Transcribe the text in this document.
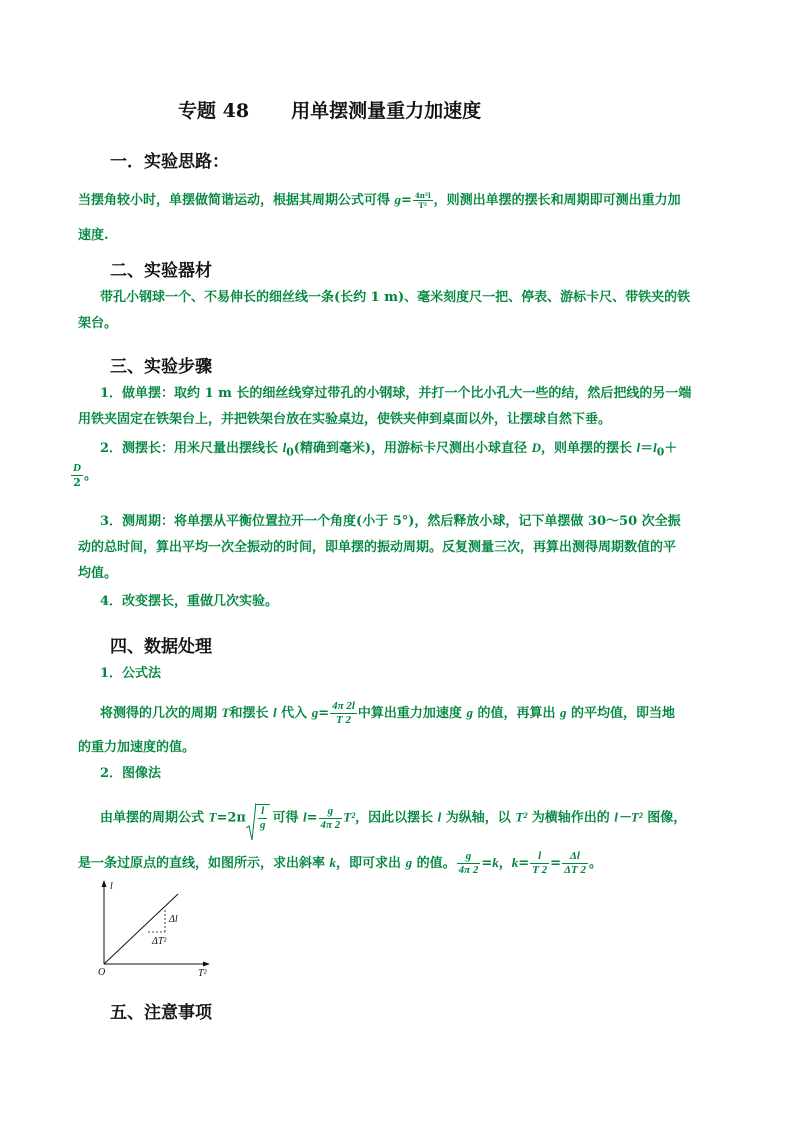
专题 48 用单摆测量重力加速度
一．实验思路：
当摆角较小时，单摆做简谐运动，根据其周期公式可得 $g= \frac{\text{4π²l}}{\text{T²}}$ ，则测出单摆的摆长和周期即可测出重力加
速度.
二、实验器材
带孔小钢球一个、不易伸长的细丝线一条(长约 1 m)、毫米刻度尺一把、停表、游标卡尺、带铁夹的铁
架台。
三、实验步骤
1．做单摆：取约 1 m 长的细丝线穿过带孔的小钢球，并打一个比小孔大一些的结，然后把线的另一端
用铁夹固定在铁架台上，并把铁架台放在实验桌边，使铁夹伸到桌面以外，让摆球自然下垂。
2．测摆长：用米尺量出摆线长 $l_0$(精确到毫米)，用游标卡尺测出小球直径 D，则单摆的摆长 $l=l_0+$
$\frac{D}{2}$ 。
3．测周期：将单摆从平衡位置拉开一个角度(小于 5°)，然后释放小球，记下单摆做 30～50 次全振
动的总时间，算出平均一次全振动的时间，即单摆的振动周期。反复测量三次，再算出测得周期数值的平
均值。
4．改变摆长，重做几次实验。
四、数据处理
1．公式法
将测得的几次的周期 T和摆长 l 代入 $g= \frac{4\pi 2l}{T 2}$ 中算出重力加速度 g 的值，再算出 g 的平均值，即当地
的重力加速度的值。
2．图像法
由单摆的周期公式 $T=2\pi \frac{l}{g}$ 可得 $l= \frac{g}{4\pi 2} T^2$，因此以摆长 l 为纵轴，以 T² 为横轴作出的 l－T² 图像，
是一条过原点的直线，如图所示，求出斜率 k，即可求出 g 的值。 $\frac{g}{4\pi 2} =k$，$k= \frac{l}{T 2} = \frac{\Delta l}{\Delta T 2}$ 。
l
T²
O
Δl
ΔT²
五、注意事项
